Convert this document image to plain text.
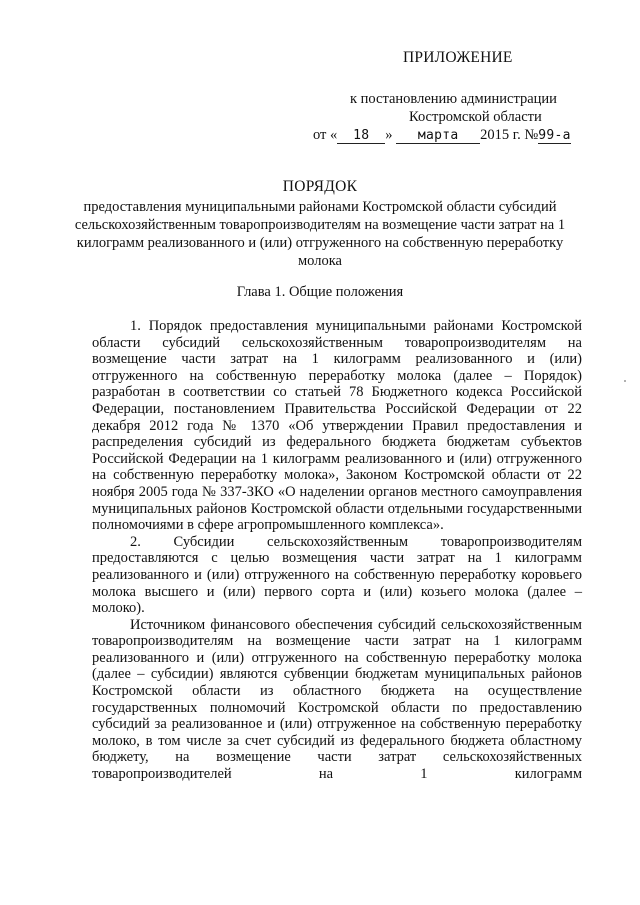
ПРИЛОЖЕНИЕ
к постановлению администрации
Костромской области
от « 18 » марта 2015 г. №99-а
ПОРЯДОК
предоставления муниципальными районами Костромской области субсидий сельскохозяйственным товаропроизводителям на возмещение части затрат на 1 килограмм реализованного и (или) отгруженного на собственную переработку молока
Глава 1. Общие положения

1. Порядок предоставления муниципальными районами Костромской области субсидий сельскохозяйственным товаропроизводителям на возмещение части затрат на 1 килограмм реализованного и (или) отгруженного на собственную переработку молока (далее – Порядок) разработан в соответствии со статьей 78 Бюджетного кодекса Российской Федерации, постановлением Правительства Российской Федерации от 22 декабря 2012 года № 1370 «Об утверждении Правил предоставления и распределения субсидий из федерального бюджета бюджетам субъектов Российской Федерации на 1 килограмм реализованного и (или) отгруженного на собственную переработку молока», Законом Костромской области от 22 ноября 2005 года № 337-ЗКО «О наделении органов местного самоуправления муниципальных районов Костромской области отдельными государственными полномочиями в сфере агропромышленного комплекса».

2. Субсидии сельскохозяйственным товаропроизводителям предоставляются с целью возмещения части затрат на 1 килограмм реализованного и (или) отгруженного на собственную переработку коровьего молока высшего и (или) первого сорта и (или) козьего молока (далее – молоко).

Источником финансового обеспечения субсидий сельскохозяйственным товаропроизводителям на возмещение части затрат на 1 килограмм реализованного и (или) отгруженного на собственную переработку молока (далее – субсидии) являются субвенции бюджетам муниципальных районов Костромской области из областного бюджета на осуществление государственных полномочий Костромской области по предоставлению субсидий за реализованное и (или) отгруженное на собственную переработку молоко, в том числе за счет субсидий из федерального бюджета областному бюджету, на возмещение части затрат сельскохозяйственных товаропроизводителей на 1 килограмм
